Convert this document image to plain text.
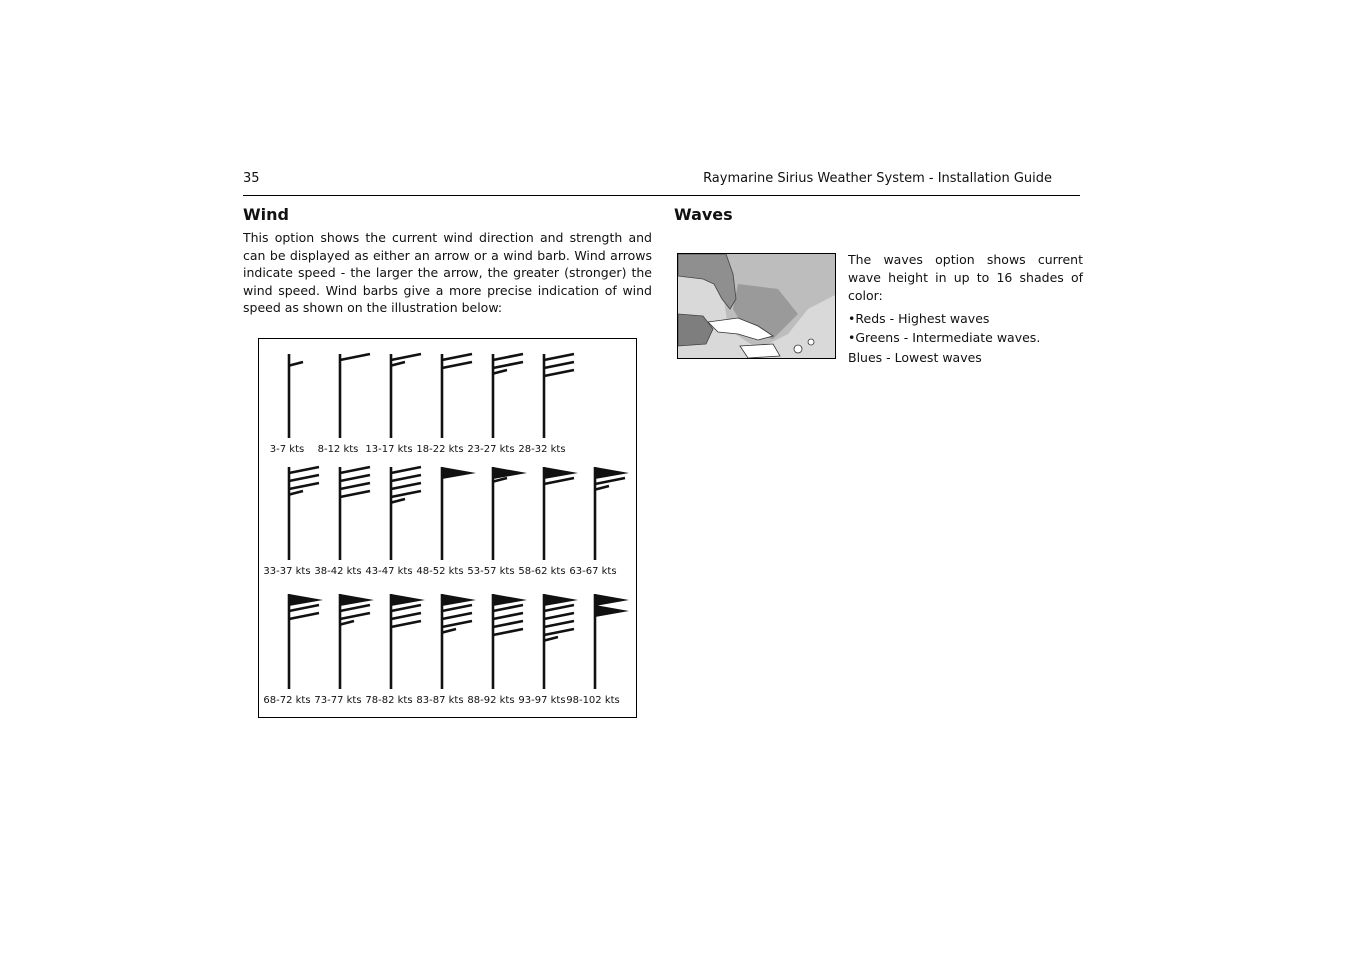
35	Raymarine Sirius Weather System - Installation Guide
Wind

This option shows the current wind direction and strength and can be displayed as either an arrow or a wind barb. Wind arrows indicate speed - the larger the arrow, the greater (stronger) the wind speed. Wind barbs give a more precise indication of wind speed as shown on the illustration below:

3-7 kts 8-12 kts 13-17 kts 18-22 kts 23-27 kts 28-32 kts
33-37 kts 38-42 kts 43-47 kts 48-52 kts 53-57 kts 58-62 kts 63-67 kts
68-72 kts 73-77 kts 78-82 kts 83-87 kts 88-92 kts 93-97 kts 98-102 kts
Waves

The waves option shows current wave height in up to 16 shades of color:

•Reds - Highest waves
•Greens - Intermediate waves.

Blues - Lowest waves
